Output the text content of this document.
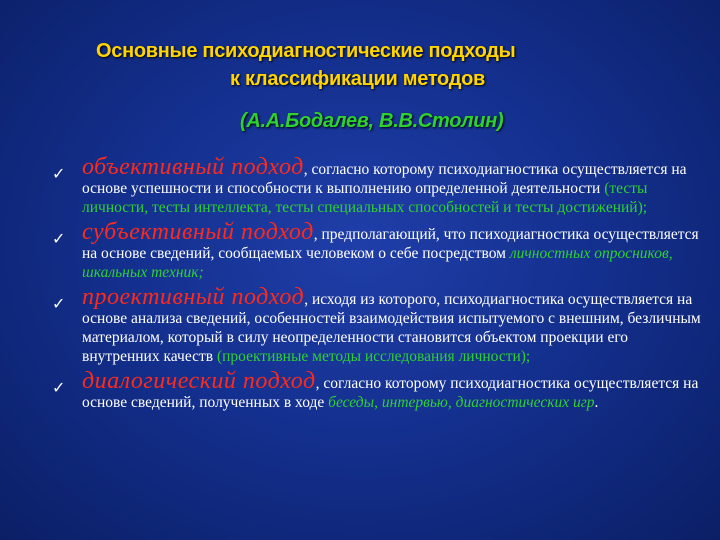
Основные психодиагностические подходы
к классификации методов
(А.А.Бодалев, В.В.Столин)
✓ объективный подход, согласно которому психодиагностика осуществляется на основе успешности и способности к выполнению определенной деятельности (тесты личности, тесты интеллекта, тесты специальных способностей и тесты достижений);
✓ субъективный подход, предполагающий, что психодиагностика осуществляется на основе сведений, сообщаемых человеком о себе посредством личностных опросников, шкальных техник;
✓ проективный подход, исходя из которого, психодиагностика осуществляется на основе анализа сведений, особенностей взаимодействия испытуемого с внешним, безличным материалом, который в силу неопределенности становится объектом проекции его внутренних качеств (проективные методы исследования личности);
✓ диалогический подход, согласно которому психодиагностика осуществляется на основе сведений, полученных в ходе беседы, интервью, диагностических игр.
